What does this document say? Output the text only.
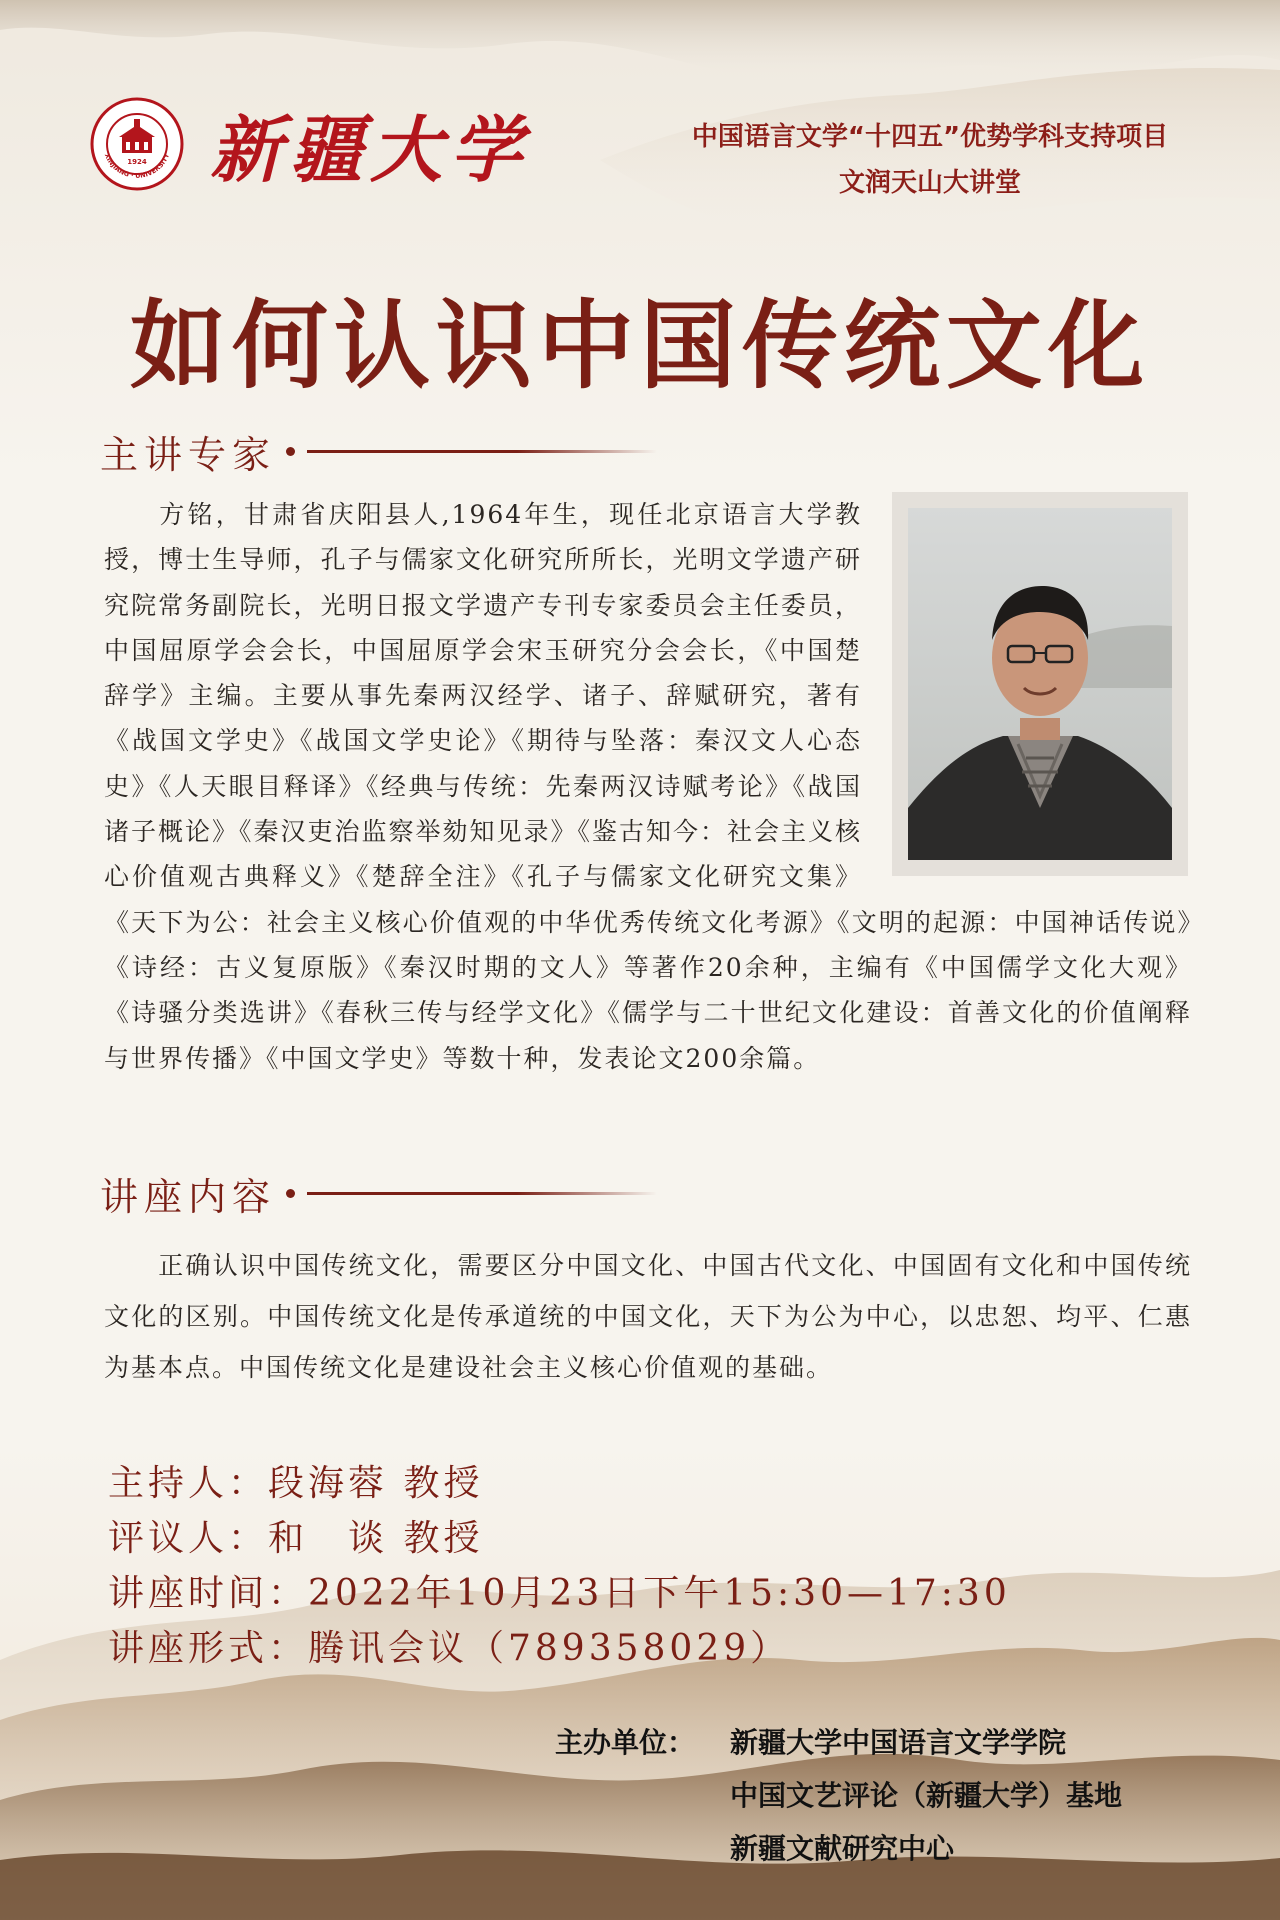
1924
XINJIANG · UNIVERSITY 新疆大学	中国语言文学“十四五”优势学科支持项目
文润天山大讲堂
如何认识中国传统文化
主讲专家
方铭，甘肃省庆阳县人,1964年生，现任北京语言大学教授，博士生导师，孔子与儒家文化研究所所长，光明文学遗产研究院常务副院长，光明日报文学遗产专刊专家委员会主任委员，中国屈原学会会长，中国屈原学会宋玉研究分会会长，《中国楚辞学》主编。主要从事先秦两汉经学、诸子、辞赋研究，著有《战国文学史》《战国文学史论》《期待与坠落：秦汉文人心态史》《人天眼目释译》《经典与传统：先秦两汉诗赋考论》《战国诸子概论》《秦汉吏治监察举劾知见录》《鉴古知今：社会主义核心价值观古典释义》《楚辞全注》《孔子与儒家文化研究文集》《天下为公：社会主义核心价值观的中华优秀传统文化考源》《文明的起源：中国神话传说》《诗经：古义复原版》《秦汉时期的文人》等著作20余种，主编有《中国儒学文化大观》《诗骚分类选讲》《春秋三传与经学文化》《儒学与二十世纪文化建设：首善文化的价值阐释与世界传播》《中国文学史》等数十种，发表论文200余篇。
讲座内容
正确认识中国传统文化，需要区分中国文化、中国古代文化、中国固有文化和中国传统文化的区别。中国传统文化是传承道统的中国文化，天下为公为中心，以忠恕、均平、仁惠为基本点。中国传统文化是建设社会主义核心价值观的基础。
主持人：段海蓉 教授
评议人：和　谈 教授
讲座时间：2022年10月23日下午15:30—17:30
讲座形式：腾讯会议（789358029）
主办单位：	新疆大学中国语言文学学院
中国文艺评论（新疆大学）基地
新疆文献研究中心
